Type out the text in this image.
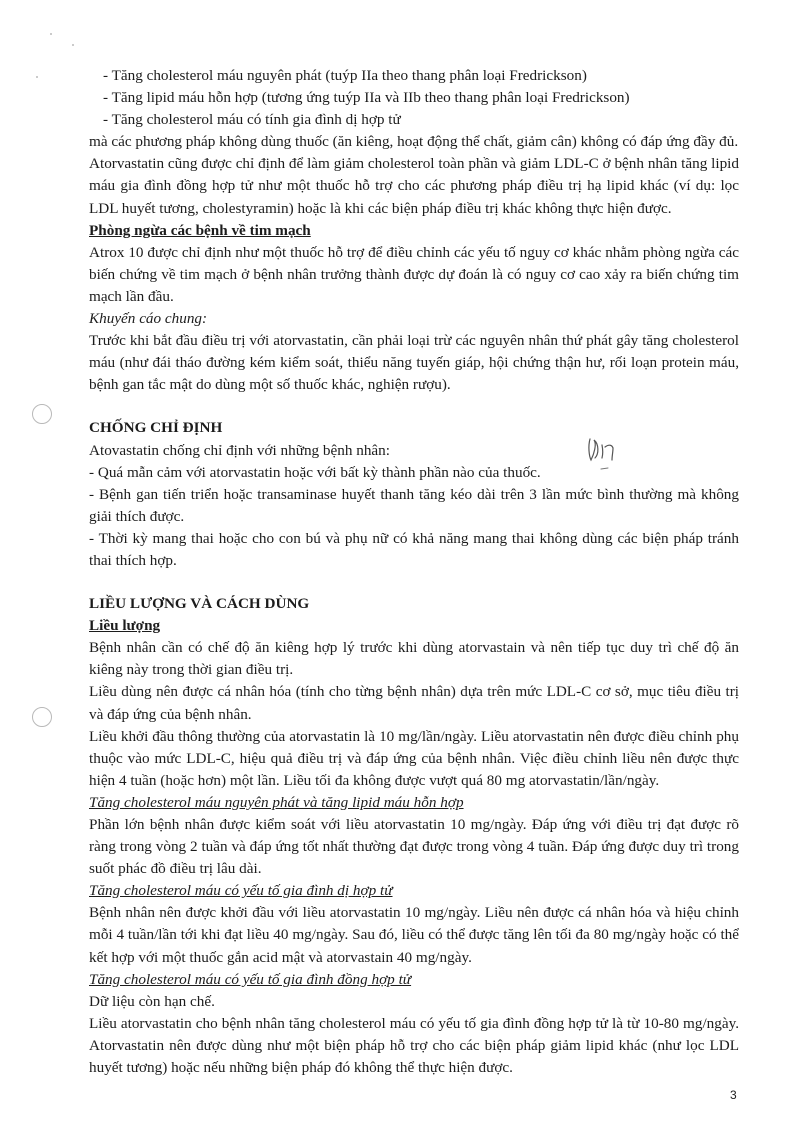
- Tăng cholesterol máu nguyên phát (tuýp IIa theo thang phân loại Fredrickson)

- Tăng lipid máu hỗn hợp (tương ứng tuýp IIa và IIb theo thang phân loại Fredrickson)

- Tăng cholesterol máu có tính gia đình dị hợp tử

mà các phương pháp không dùng thuốc (ăn kiêng, hoạt động thể chất, giảm cân) không có đáp ứng đầy đủ.

Atorvastatin cũng được chỉ định để làm giảm cholesterol toàn phần và giảm LDL-C ở bệnh nhân tăng lipid máu gia đình đồng hợp tử như một thuốc hỗ trợ cho các phương pháp điều trị hạ lipid khác (ví dụ: lọc LDL huyết tương, cholestyramin) hoặc là khi các biện pháp điều trị khác không thực hiện được.

Phòng ngừa các bệnh về tim mạch

Atrox 10 được chỉ định như một thuốc hỗ trợ để điều chỉnh các yếu tố nguy cơ khác nhằm phòng ngừa các biến chứng về tim mạch ở bệnh nhân trưởng thành được dự đoán là có nguy cơ cao xảy ra biến chứng tim mạch lần đầu.

Khuyến cáo chung:

Trước khi bắt đầu điều trị với atorvastatin, cần phải loại trừ các nguyên nhân thứ phát gây tăng cholesterol máu (như đái tháo đường kém kiểm soát, thiểu năng tuyến giáp, hội chứng thận hư, rối loạn protein máu, bệnh gan tắc mật do dùng một số thuốc khác, nghiện rượu).

CHỐNG CHỈ ĐỊNH

Atovastatin chống chỉ định với những bệnh nhân:

- Quá mẫn cảm với atorvastatin hoặc với bất kỳ thành phần nào của thuốc.

- Bệnh gan tiến triển hoặc transaminase huyết thanh tăng kéo dài trên 3 lần mức bình thường mà không giải thích được.

- Thời kỳ mang thai hoặc cho con bú và phụ nữ có khả năng mang thai không dùng các biện pháp tránh thai thích hợp.

LIỀU LƯỢNG VÀ CÁCH DÙNG

Liều lượng

Bệnh nhân cần có chế độ ăn kiêng hợp lý trước khi dùng atorvastain và nên tiếp tục duy trì chế độ ăn kiêng này trong thời gian điều trị.

Liều dùng nên được cá nhân hóa (tính cho từng bệnh nhân) dựa trên mức LDL-C cơ sở, mục tiêu điều trị và đáp ứng của bệnh nhân.

Liều khởi đầu thông thường của atorvastatin là 10 mg/lần/ngày. Liều atorvastatin nên được điều chỉnh phụ thuộc vào mức LDL-C, hiệu quả điều trị và đáp ứng của bệnh nhân. Việc điều chỉnh liều nên được thực hiện 4 tuần (hoặc hơn) một lần. Liều tối đa không được vượt quá 80 mg atorvastatin/lần/ngày.

Tăng cholesterol máu nguyên phát và tăng lipid máu hỗn hợp

Phần lớn bệnh nhân được kiểm soát với liều atorvastatin 10 mg/ngày. Đáp ứng với điều trị đạt được rõ ràng trong vòng 2 tuần và đáp ứng tốt nhất thường đạt được trong vòng 4 tuần. Đáp ứng được duy trì trong suốt phác đồ điều trị lâu dài.

Tăng cholesterol máu có yếu tố gia đình dị hợp tử

Bệnh nhân nên được khởi đầu với liều atorvastatin 10 mg/ngày. Liều nên được cá nhân hóa và hiệu chỉnh mỗi 4 tuần/lần tới khi đạt liều 40 mg/ngày. Sau đó, liều có thể được tăng lên tối đa 80 mg/ngày hoặc có thể kết hợp với một thuốc gắn acid mật và atorvastain 40 mg/ngày.

Tăng cholesterol máu có yếu tố gia đình đồng hợp tử

Dữ liệu còn hạn chế.

Liều atorvastatin cho bệnh nhân tăng cholesterol máu có yếu tố gia đình đồng hợp tử là từ 10-80 mg/ngày. Atorvastatin nên được dùng như một biện pháp hỗ trợ cho các biện pháp giảm lipid khác (như lọc LDL huyết tương) hoặc nếu những biện pháp đó không thể thực hiện được.

3
